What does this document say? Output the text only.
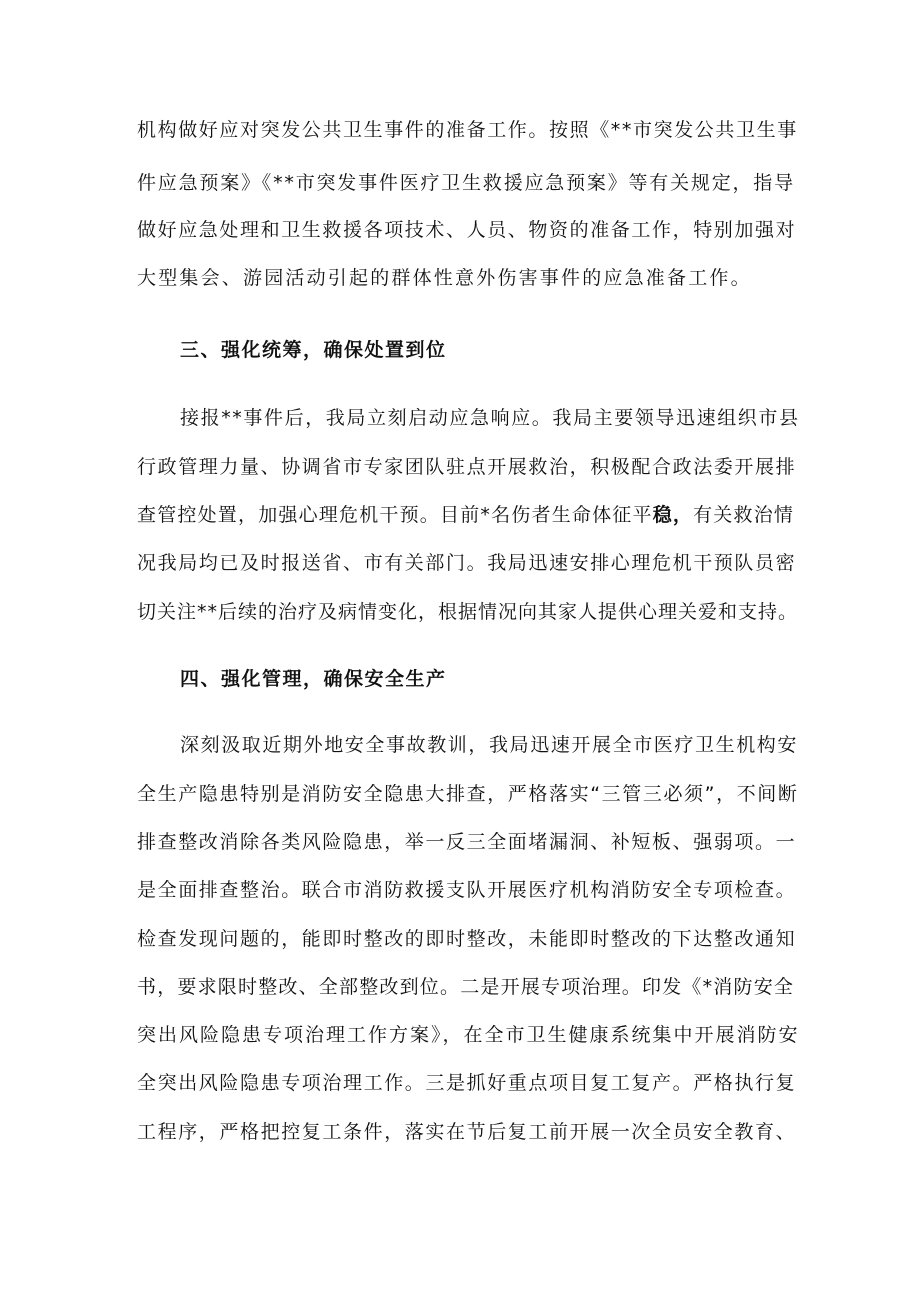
机构做好应对突发公共卫生事件的准备工作。按照《**市突发公共卫生事
件应急预案》《**市突发事件医疗卫生救援应急预案》等有关规定，指导
做好应急处理和卫生救援各项技术、人员、物资的准备工作，特别加强对
大型集会、游园活动引起的群体性意外伤害事件的应急准备工作。
三、强化统筹，确保处置到位
接报**事件后，我局立刻启动应急响应。我局主要领导迅速组织市县
行政管理力量、协调省市专家团队驻点开展救治，积极配合政法委开展排
查管控处置，加强心理危机干预。目前*名伤者生命体征平稳，有关救治情
况我局均已及时报送省、市有关部门。我局迅速安排心理危机干预队员密
切关注**后续的治疗及病情变化，根据情况向其家人提供心理关爱和支持。
四、强化管理，确保安全生产
深刻汲取近期外地安全事故教训，我局迅速开展全市医疗卫生机构安
全生产隐患特别是消防安全隐患大排查，严格落实“三管三必须”，不间断
排查整改消除各类风险隐患，举一反三全面堵漏洞、补短板、强弱项。一
是全面排查整治。联合市消防救援支队开展医疗机构消防安全专项检查。
检查发现问题的，能即时整改的即时整改，未能即时整改的下达整改通知
书，要求限时整改、全部整改到位。二是开展专项治理。印发《*消防安全
突出风险隐患专项治理工作方案》，在全市卫生健康系统集中开展消防安
全突出风险隐患专项治理工作。三是抓好重点项目复工复产。严格执行复
工程序，严格把控复工条件，落实在节后复工前开展一次全员安全教育、
